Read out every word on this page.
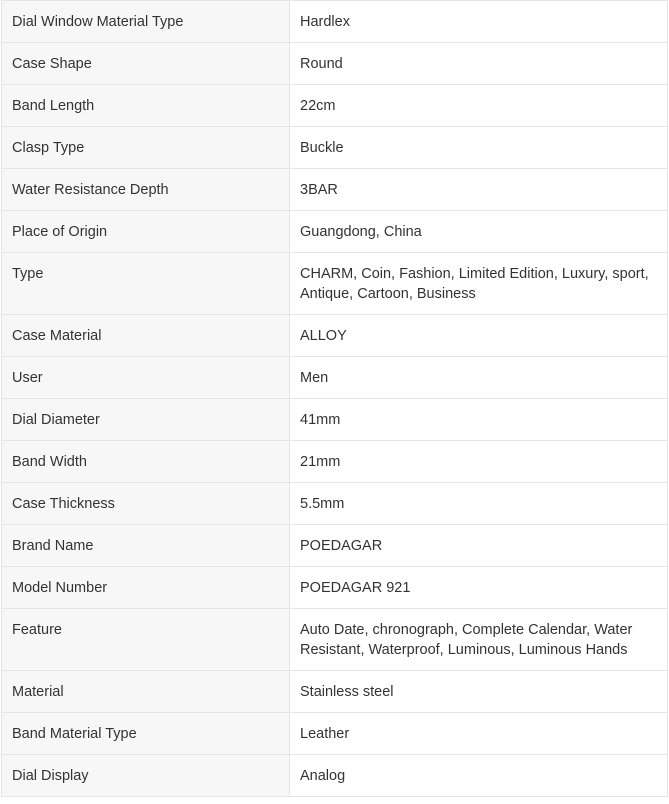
Dial Window Material Type	Hardlex
Case Shape	Round
Band Length	22cm
Clasp Type	Buckle
Water Resistance Depth	3BAR
Place of Origin	Guangdong, China
Type	CHARM, Coin, Fashion, Limited Edition, Luxury, sport, Antique, Cartoon, Business
Case Material	ALLOY
User	Men
Dial Diameter	41mm
Band Width	21mm
Case Thickness	5.5mm
Brand Name	POEDAGAR
Model Number	POEDAGAR 921
Feature	Auto Date, chronograph, Complete Calendar, Water Resistant, Waterproof, Luminous, Luminous Hands
Material	Stainless steel
Band Material Type	Leather
Dial Display	Analog
